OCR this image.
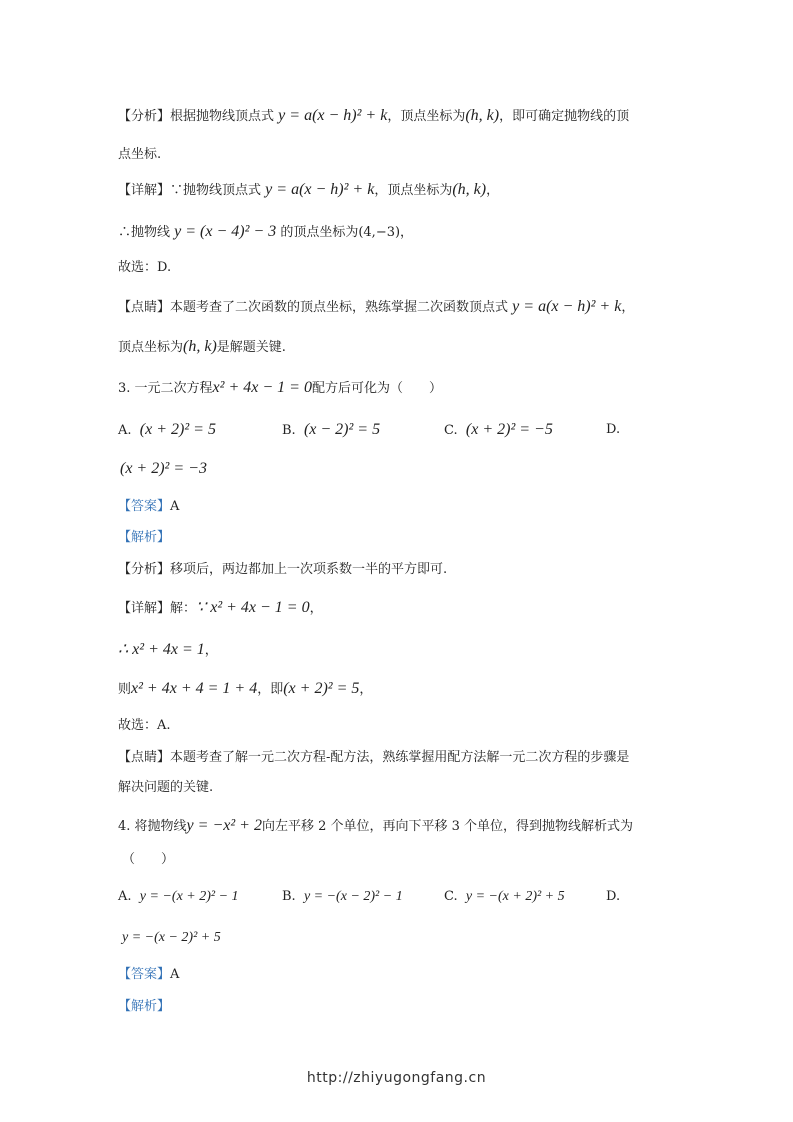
【分析】根据抛物线顶点式 y = a(x − h)² + k，顶点坐标为(h, k)，即可确定抛物线的顶
点坐标.
【详解】∵抛物线顶点式 y = a(x − h)² + k，顶点坐标为(h, k)，
∴抛物线 y = (x − 4)² − 3 的顶点坐标为(4,−3)，
故选：D.
【点睛】本题考查了二次函数的顶点坐标，熟练掌握二次函数顶点式 y = a(x − h)² + k，
顶点坐标为(h, k)是解题关键.
3. 一元二次方程x² + 4x − 1 = 0配方后可化为（　　）
A. (x + 2)² = 5	B. (x − 2)² = 5	C. (x + 2)² = −5	D.
(x + 2)² = −3
【答案】A
【解析】
【分析】移项后，两边都加上一次项系数一半的平方即可.
【详解】解：∵ x² + 4x − 1 = 0，
∴ x² + 4x = 1，
则x² + 4x + 4 = 1 + 4，即(x + 2)² = 5，
故选：A.
【点睛】本题考查了解一元二次方程-配方法，熟练掌握用配方法解一元二次方程的步骤是
解决问题的关键.
4. 将抛物线y = −x² + 2向左平移 2 个单位，再向下平移 3 个单位，得到抛物线解析式为
（　　）
A. y = −(x + 2)² − 1	B. y = −(x − 2)² − 1	C. y = −(x + 2)² + 5	D.
y = −(x − 2)² + 5
【答案】A
【解析】
http://zhiyugongfang.cn
